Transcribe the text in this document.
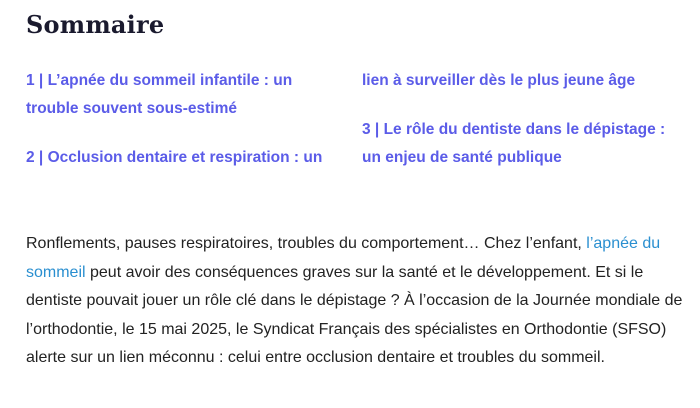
Sommaire
1 | L’apnée du sommeil infantile : un
trouble souvent sous-estimé
2 | Occlusion dentaire et respiration : un
lien à surveiller dès le plus jeune âge
3 | Le rôle du dentiste dans le dépistage :
un enjeu de santé publique

Ronflements, pauses respiratoires, troubles du comportement… Chez l’enfant, l’apnée du sommeil peut avoir des conséquences graves sur la santé et le développement. Et si le dentiste pouvait jouer un rôle clé dans le dépistage ? À l’occasion de la Journée mondiale de l’orthodontie, le 15 mai 2025, le Syndicat Français des spécialistes en Orthodontie (SFSO) alerte sur un lien méconnu : celui entre occlusion dentaire et troubles du sommeil.
